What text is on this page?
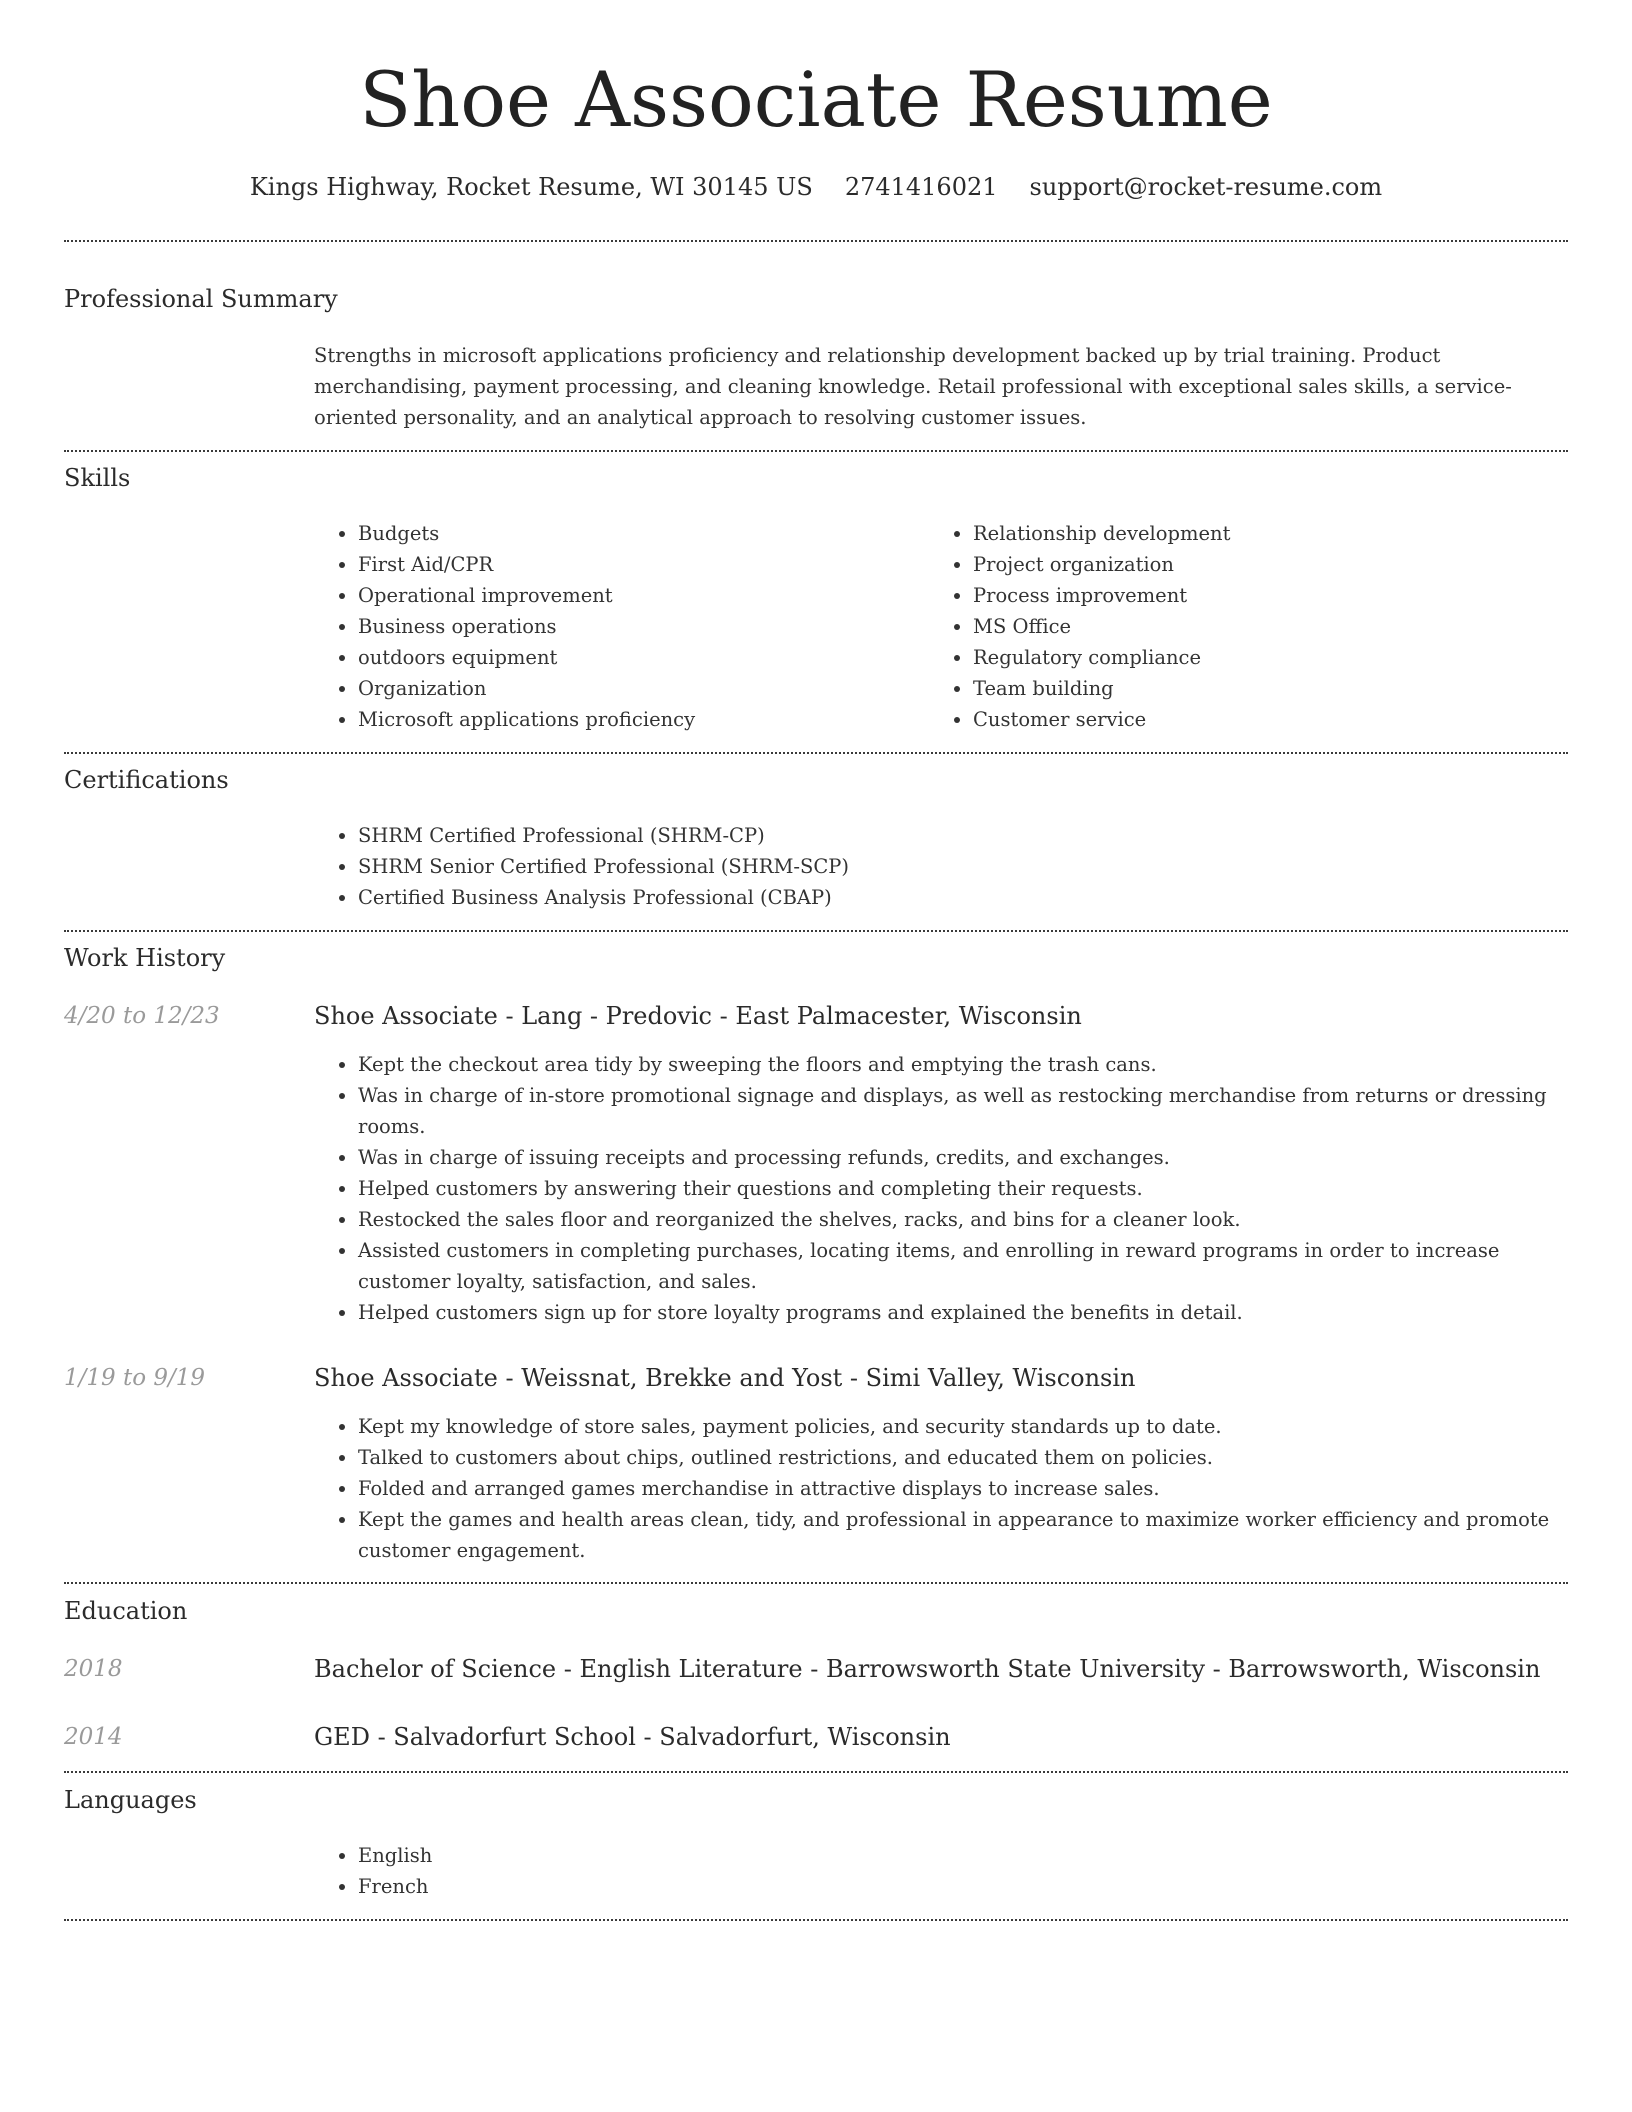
Shoe Associate Resume
Kings Highway, Rocket Resume, WI 30145 US 2741416021 support@rocket-resume.com
Professional Summary
Strengths in microsoft applications proficiency and relationship development backed up by trial training. Product merchandising, payment processing, and cleaning knowledge. Retail professional with exceptional sales skills, a service-oriented personality, and an analytical approach to resolving customer issues.
Skills
• Budgets
• First Aid/CPR
• Operational improvement
• Business operations
• outdoors equipment
• Organization
• Microsoft applications proficiency
• Relationship development
• Project organization
• Process improvement
• MS Office
• Regulatory compliance
• Team building
• Customer service
Certifications
• SHRM Certified Professional (SHRM-CP)
• SHRM Senior Certified Professional (SHRM-SCP)
• Certified Business Analysis Professional (CBAP)
Work History
4/20 to 12/23	Shoe Associate - Lang - Predovic - East Palmacester, Wisconsin
• Kept the checkout area tidy by sweeping the floors and emptying the trash cans.
• Was in charge of in-store promotional signage and displays, as well as restocking merchandise from returns or dressing rooms.
• Was in charge of issuing receipts and processing refunds, credits, and exchanges.
• Helped customers by answering their questions and completing their requests.
• Restocked the sales floor and reorganized the shelves, racks, and bins for a cleaner look.
• Assisted customers in completing purchases, locating items, and enrolling in reward programs in order to increase customer loyalty, satisfaction, and sales.
• Helped customers sign up for store loyalty programs and explained the benefits in detail.
1/19 to 9/19	Shoe Associate - Weissnat, Brekke and Yost - Simi Valley, Wisconsin
• Kept my knowledge of store sales, payment policies, and security standards up to date.
• Talked to customers about chips, outlined restrictions, and educated them on policies.
• Folded and arranged games merchandise in attractive displays to increase sales.
• Kept the games and health areas clean, tidy, and professional in appearance to maximize worker efficiency and promote customer engagement.
Education
2018	Bachelor of Science - English Literature - Barrowsworth State University - Barrowsworth, Wisconsin
2014	GED - Salvadorfurt School - Salvadorfurt, Wisconsin
Languages
• English
• French
